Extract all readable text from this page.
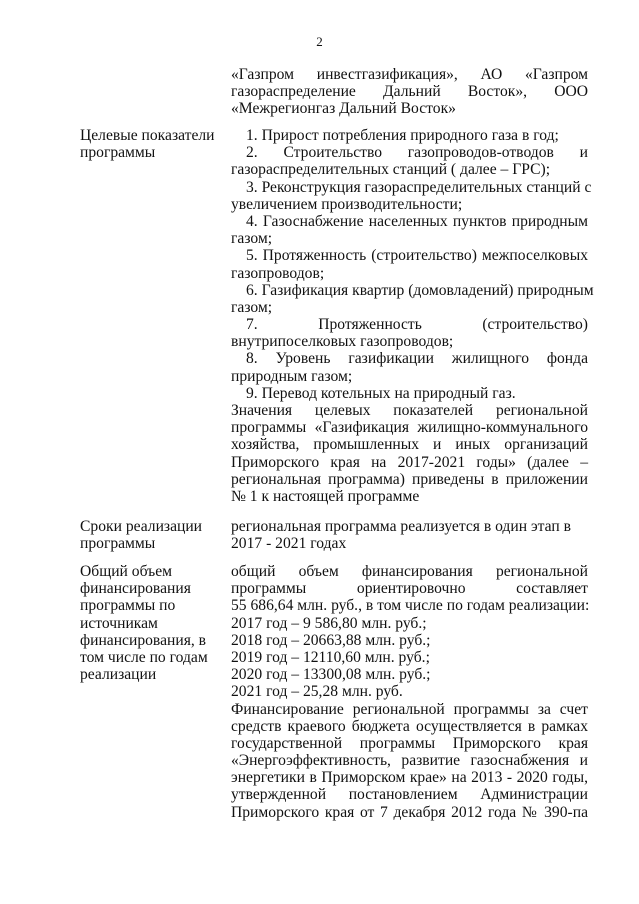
2
«Газпром инвестгазификация», АО «Газпром
газораспределение Дальний Восток», ООО
«Межрегионгаз Дальний Восток»
Целевые показатели
программы
1. Прирост потребления природного газа в год;
2. Строительство газопроводов-отводов и
газораспределительных станций ( далее – ГРС);
3. Реконструкция газораспределительных станций с
увеличением производительности;
4. Газоснабжение населенных пунктов природным
газом;
5. Протяженность (строительство) межпоселковых
газопроводов;
6. Газификация квартир (домовладений) природным
газом;
7. Протяженность (строительство)
внутрипоселковых газопроводов;
8. Уровень газификации жилищного фонда
природным газом;
9. Перевод котельных на природный газ.
Значения целевых показателей региональной
программы «Газификация жилищно-коммунального
хозяйства, промышленных и иных организаций
Приморского края на 2017-2021 годы» (далее –
региональная программа) приведены в приложении
№ 1 к настоящей программе
Сроки реализации
программы
региональная программа реализуется в один этап в
2017 - 2021 годах
Общий объем
финансирования
программы по
источникам
финансирования, в
том числе по годам
реализации
общий объем финансирования региональной
программы ориентировочно составляет
55 686,64 млн. руб., в том числе по годам реализации:
2017 год – 9 586,80 млн. руб.;
2018 год – 20663,88 млн. руб.;
2019 год – 12110,60 млн. руб.;
2020 год – 13300,08 млн. руб.;
2021 год – 25,28 млн. руб.
Финансирование региональной программы за счет
средств краевого бюджета осуществляется в рамках
государственной программы Приморского края
«Энергоэффективность, развитие газоснабжения и
энергетики в Приморском крае» на 2013 - 2020 годы,
утвержденной постановлением Администрации
Приморского края от 7 декабря 2012 года № 390-па
